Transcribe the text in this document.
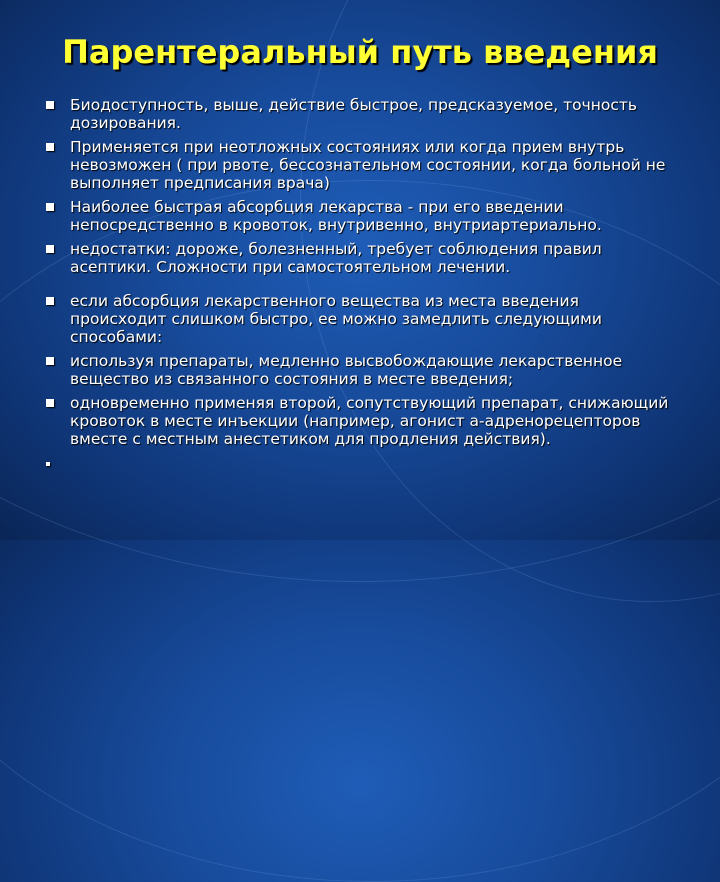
Парентеральный путь введения
Биодоступность, выше, действие быстрое, предсказуемое, точность дозирования.
Применяется при неотложных состояниях или когда прием внутрь невозможен ( при рвоте, бессознательном состоянии, когда больной не выполняет предписания врача)
Наиболее быстрая абсорбция лекарства - при его введении непосредственно в кровоток, внутривенно, внутриартериально.
недостатки: дороже, болезненный, требует соблюдения правил асептики. Сложности при самостоятельном лечении.
если абсорбция лекарственного вещества из места введения происходит слишком быстро, ее можно замедлить следующими способами:
используя препараты, медленно высвобождающие лекарственное вещество из связанного состояния в месте введения;
одновременно применяя второй, сопутствующий препарат, снижающий кровоток в месте инъекции (например, агонист а-адренорецепторов вместе с местным анестетиком для продления действия).
